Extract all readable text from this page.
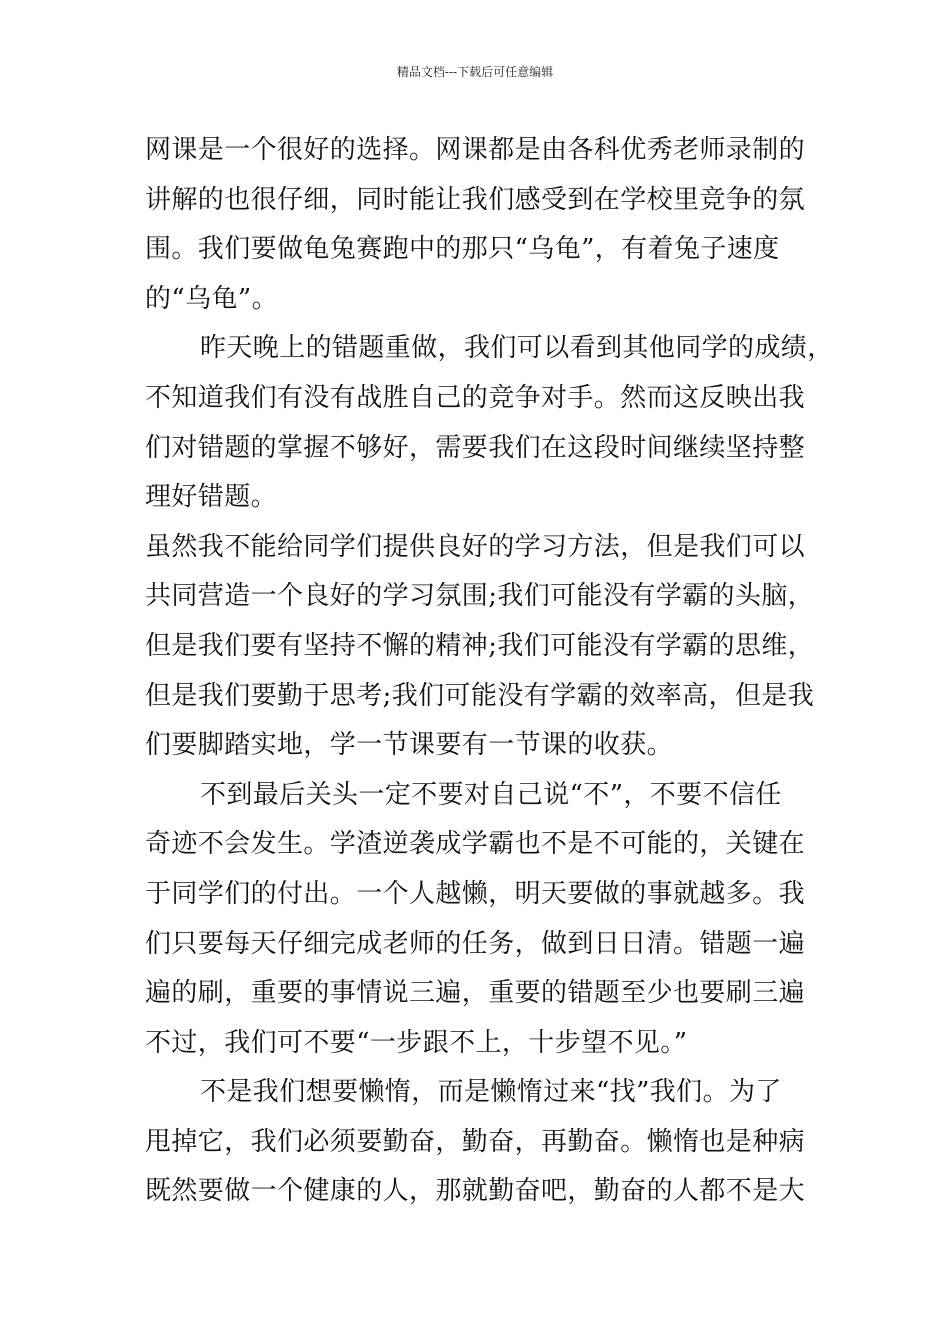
精品文档---下载后可任意编辑
网课是一个很好的选择。网课都是由各科优秀老师录制的
讲解的也很仔细，同时能让我们感受到在学校里竞争的氛
围。我们要做龟兔赛跑中的那只“乌龟”，有着兔子速度
的“乌龟”。
昨天晚上的错题重做，我们可以看到其他同学的成绩，
不知道我们有没有战胜自己的竞争对手。然而这反映出我
们对错题的掌握不够好，需要我们在这段时间继续坚持整
理好错题。
虽然我不能给同学们提供良好的学习方法，但是我们可以
共同营造一个良好的学习氛围;我们可能没有学霸的头脑，
但是我们要有坚持不懈的精神;我们可能没有学霸的思维，
但是我们要勤于思考;我们可能没有学霸的效率高，但是我
们要脚踏实地，学一节课要有一节课的收获。
不到最后关头一定不要对自己说“不”，不要不信任
奇迹不会发生。学渣逆袭成学霸也不是不可能的，关键在
于同学们的付出。一个人越懒，明天要做的事就越多。我
们只要每天仔细完成老师的任务，做到日日清。错题一遍
遍的刷，重要的事情说三遍，重要的错题至少也要刷三遍
不过，我们可不要“一步跟不上，十步望不见。”
不是我们想要懒惰，而是懒惰过来“找”我们。为了
甩掉它，我们必须要勤奋，勤奋，再勤奋。懒惰也是种病
既然要做一个健康的人，那就勤奋吧，勤奋的人都不是大
